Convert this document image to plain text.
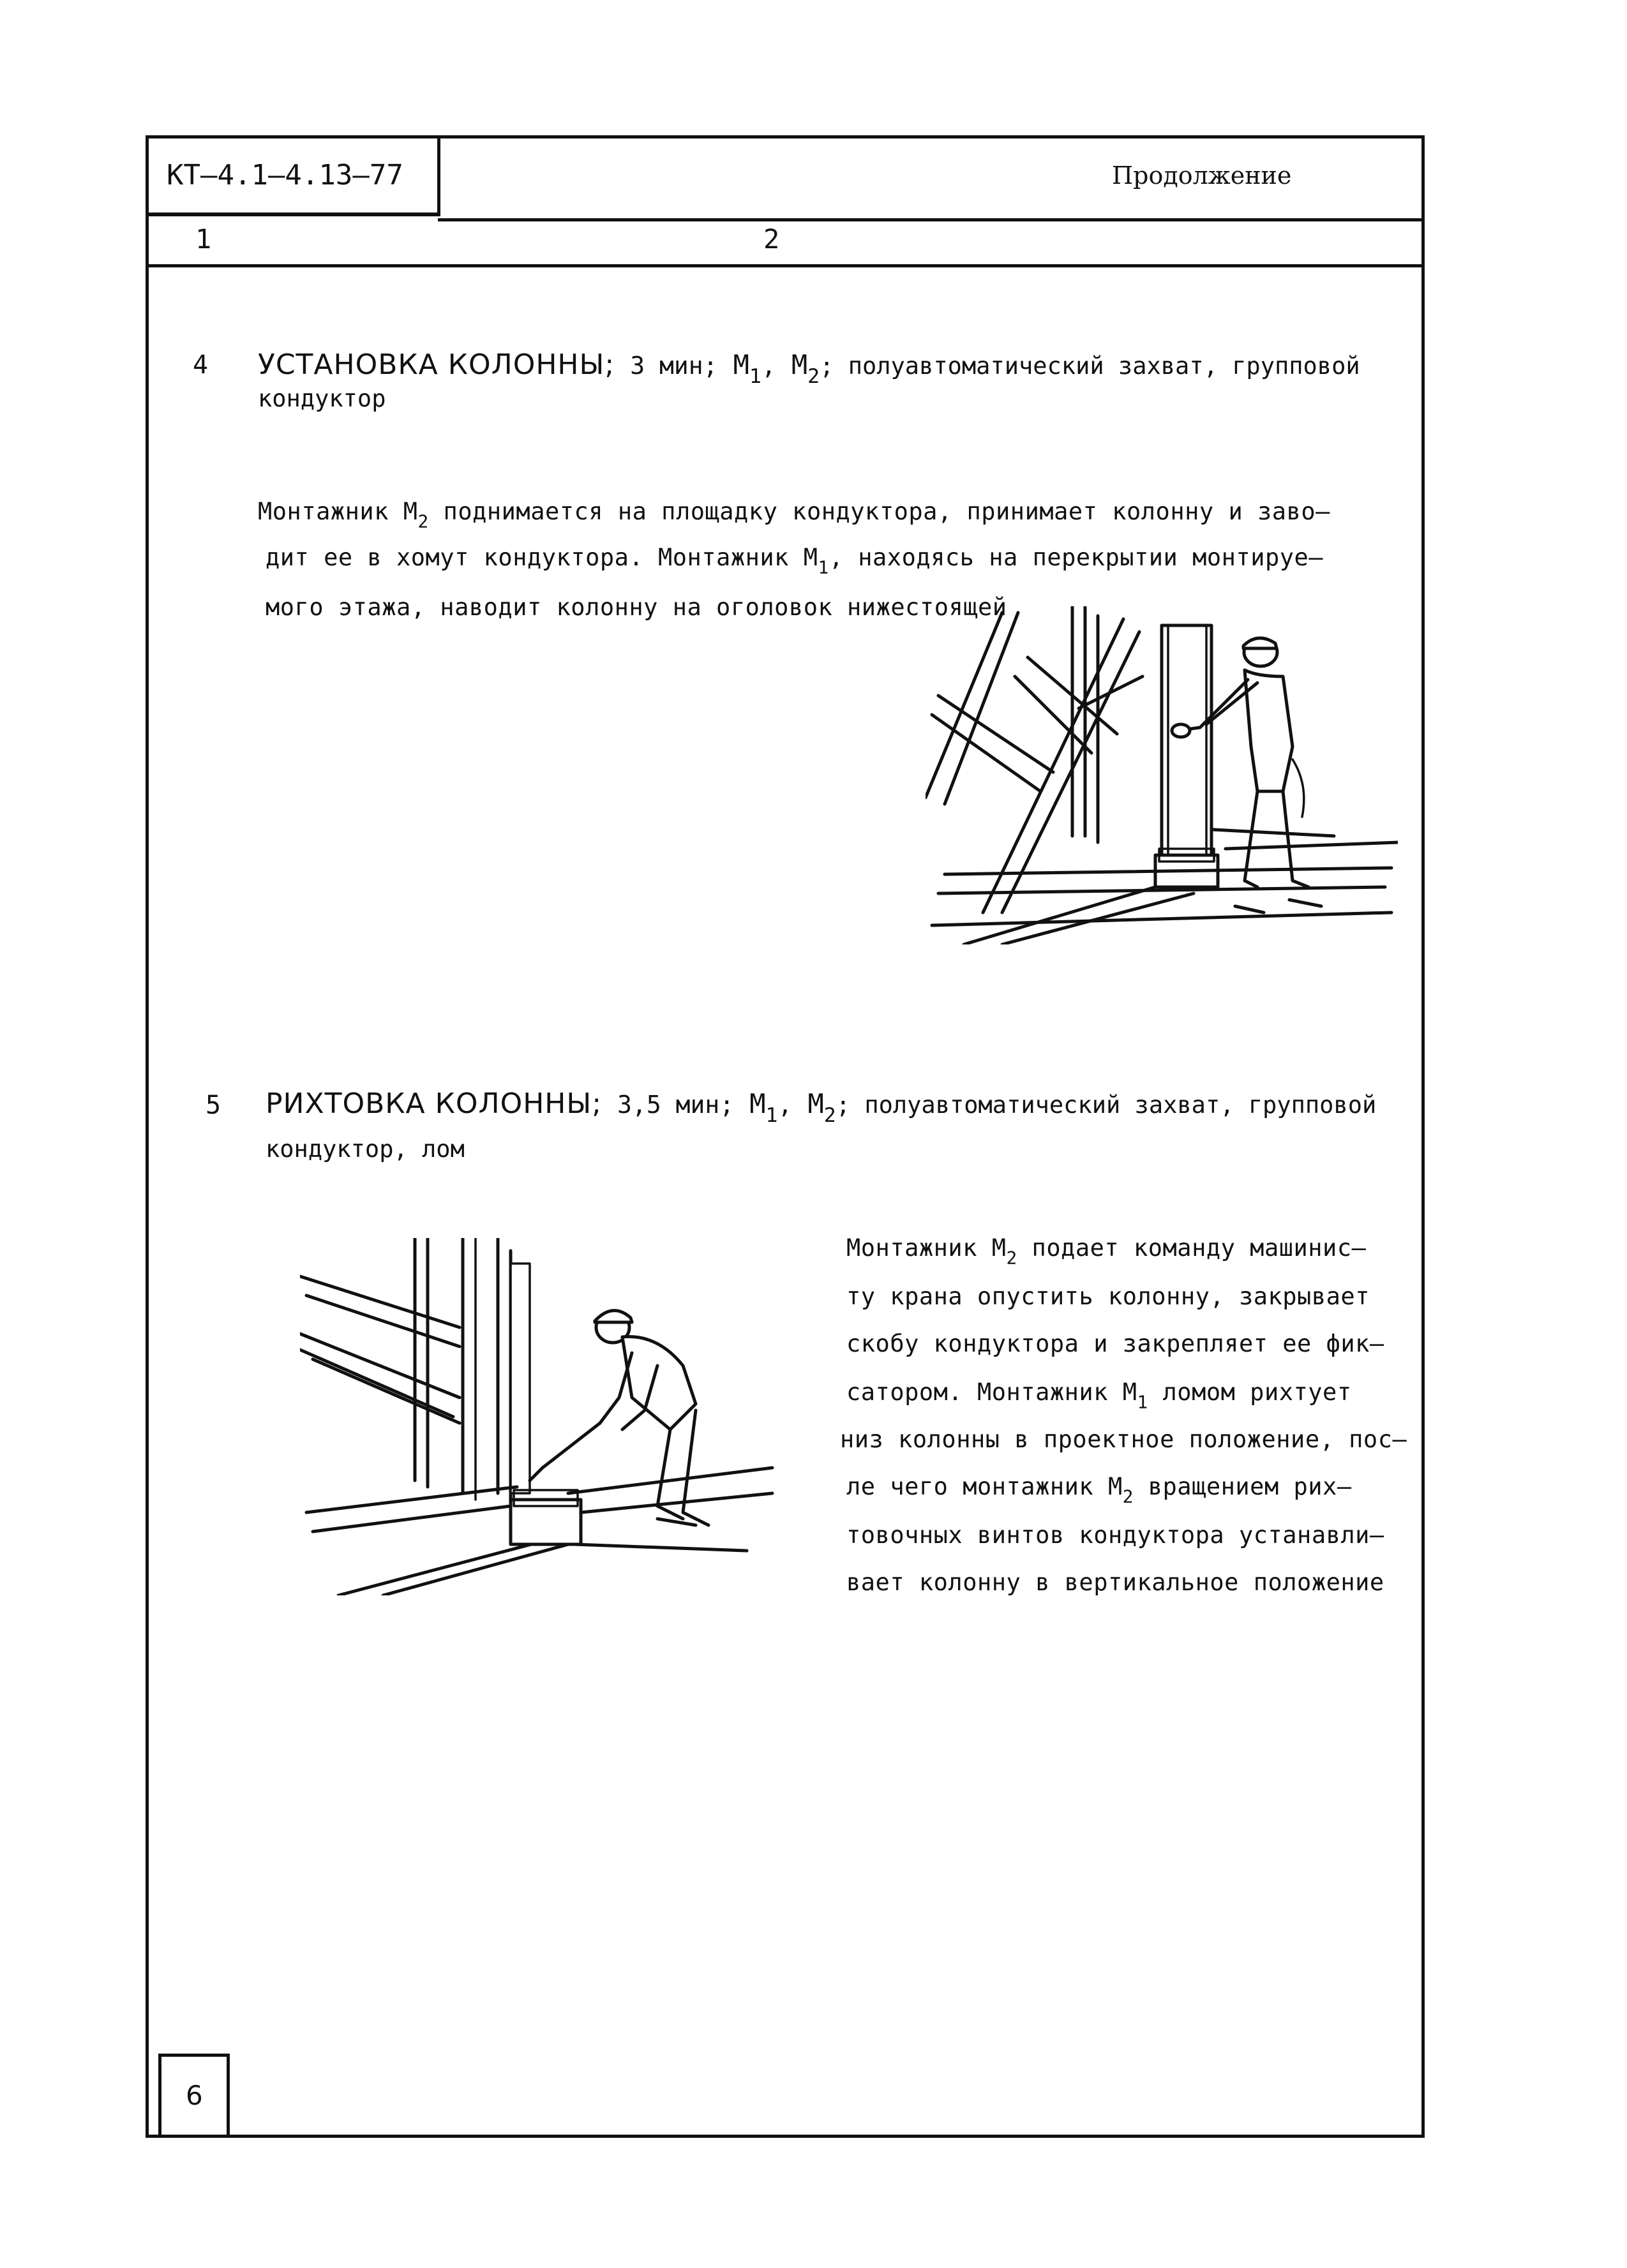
КТ–4.1–4.13–77	Продолжение
1	2
4 УСТАНОВКА КОЛОННЫ; 3 мин; $М_1$, $М_2$; полуавтоматический захват, групповой
кондуктор
Монтажник $М_2$ поднимается на площадку кондуктора, принимает колонну и заво–
дит ее в хомут кондуктора. Монтажник $М_1$, находясь на перекрытии монтируе–
мого этажа, наводит колонну на оголовок нижестоящей
5 РИХТОВКА КОЛОННЫ; 3,5 мин; $М_1$, $М_2$; полуавтоматический захват, групповой
кондуктор, лом
Монтажник $М_2$ подает команду машинис–
ту крана опустить колонну, закрывает
скобу кондуктора и закрепляет ее фик–
сатором. Монтажник $М_1$ ломом рихтует
низ колонны в проектное положение, пос–
ле чего монтажник $М_2$ вращением рих–
товочных винтов кондуктора устанавли–
вает колонну в вертикальное положение
6
